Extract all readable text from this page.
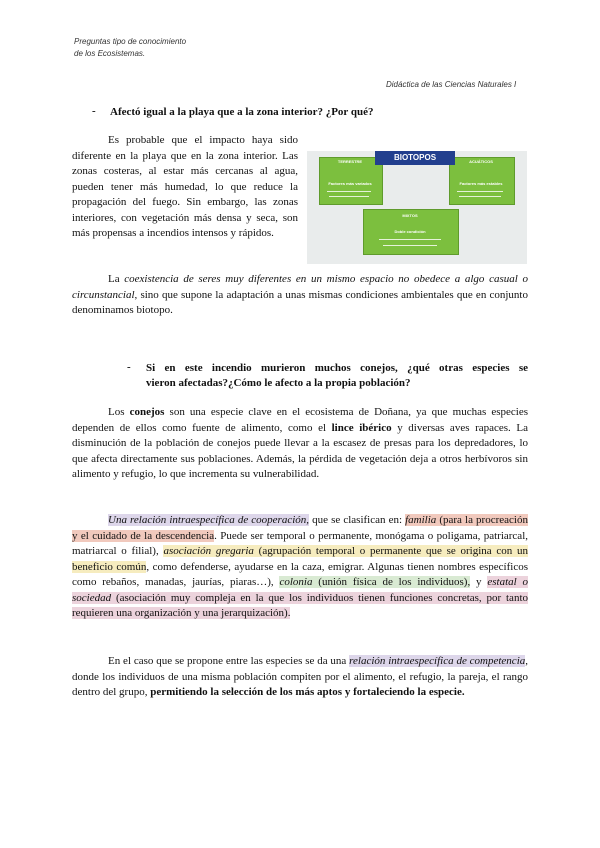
Preguntas tipo de conocimiento
de los Ecosistemas.
Didáctica de las Ciencias Naturales I
- Afectó igual a la playa que a la zona interior? ¿Por qué?

Es probable que el impacto haya sido diferente en la playa que en la zona interior. Las zonas costeras, al estar más cercanas al agua, pueden tener más humedad, lo que reduce la propagación del fuego. Sin embargo, las zonas interiores, con vegetación más densa y seca, son más propensas a incendios intensos y rápidos.

BIOTOPOS
TERRESTRE	ACUÁTICOS
MIXTOS
Factores más variados	Factores más estables
Doble condición

La coexistencia de seres muy diferentes en un mismo espacio no obedece a algo casual o circunstancial, sino que supone la adaptación a unas mismas condiciones ambientales que en conjunto denominamos biotopo.

- Si en este incendio murieron muchos conejos, ¿qué otras especies se

vieron afectadas?¿Cómo le afecto a la propia población?

Los conejos son una especie clave en el ecosistema de Doñana, ya que muchas especies dependen de ellos como fuente de alimento, como el lince ibérico y diversas aves rapaces. La disminución de la población de conejos puede llevar a la escasez de presas para los depredadores, lo que afecta directamente sus poblaciones. Además, la pérdida de vegetación deja a otros herbívoros sin alimento y refugio, lo que incrementa su vulnerabilidad.

Una relación intraespecífica de cooperación, que se clasifican en: familia (para la procreación y el cuidado de la descendencia. Puede ser temporal o permanente, monógama o poligama, patriarcal, matriarcal o filial), asociación gregaria (agrupación temporal o permanente que se origina con un beneficio común, como defenderse, ayudarse en la caza, emigrar. Algunas tienen nombres específicos como rebaños, manadas, jaurías, piaras…), colonia (unión física de los individuos), y estatal o sociedad (asociación muy compleja en la que los individuos tienen funciones concretas, por tanto requieren una organización y una jerarquización).

En el caso que se propone entre las especies se da una relación intraespecífica de competencia, donde los individuos de una misma población compiten por el alimento, el refugio, la pareja, el rango dentro del grupo, permitiendo la selección de los más aptos y fortaleciendo la especie.
